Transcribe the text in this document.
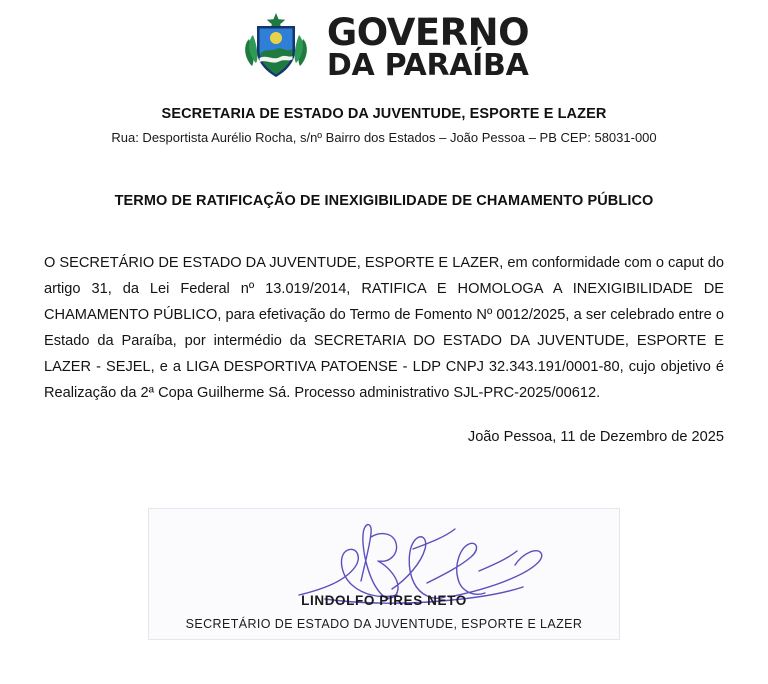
GOVERNO
DA PARAÍBA
SECRETARIA DE ESTADO DA JUVENTUDE, ESPORTE E LAZER
Rua: Desportista Aurélio Rocha, s/nº Bairro dos Estados – João Pessoa – PB CEP: 58031-000
TERMO DE RATIFICAÇÃO DE INEXIGIBILIDADE DE CHAMAMENTO PÚBLICO

O SECRETÁRIO DE ESTADO DA JUVENTUDE, ESPORTE E LAZER, em conformidade com o caput do artigo 31, da Lei Federal nº 13.019/2014, RATIFICA E HOMOLOGA A INEXIGIBILIDADE DE CHAMAMENTO PÚBLICO, para efetivação do Termo de Fomento Nº 0012/2025, a ser celebrado entre o Estado da Paraíba, por intermédio da SECRETARIA DO ESTADO DA JUVENTUDE, ESPORTE E LAZER - SEJEL, e a LIGA DESPORTIVA PATOENSE - LDP CNPJ 32.343.191/0001-80, cujo objetivo é Realização da 2ª Copa Guilherme Sá. Processo administrativo SJL-PRC-2025/00612.

João Pessoa, 11 de Dezembro de 2025
LINDOLFO PIRES NETO
SECRETÁRIO DE ESTADO DA JUVENTUDE, ESPORTE E LAZER
